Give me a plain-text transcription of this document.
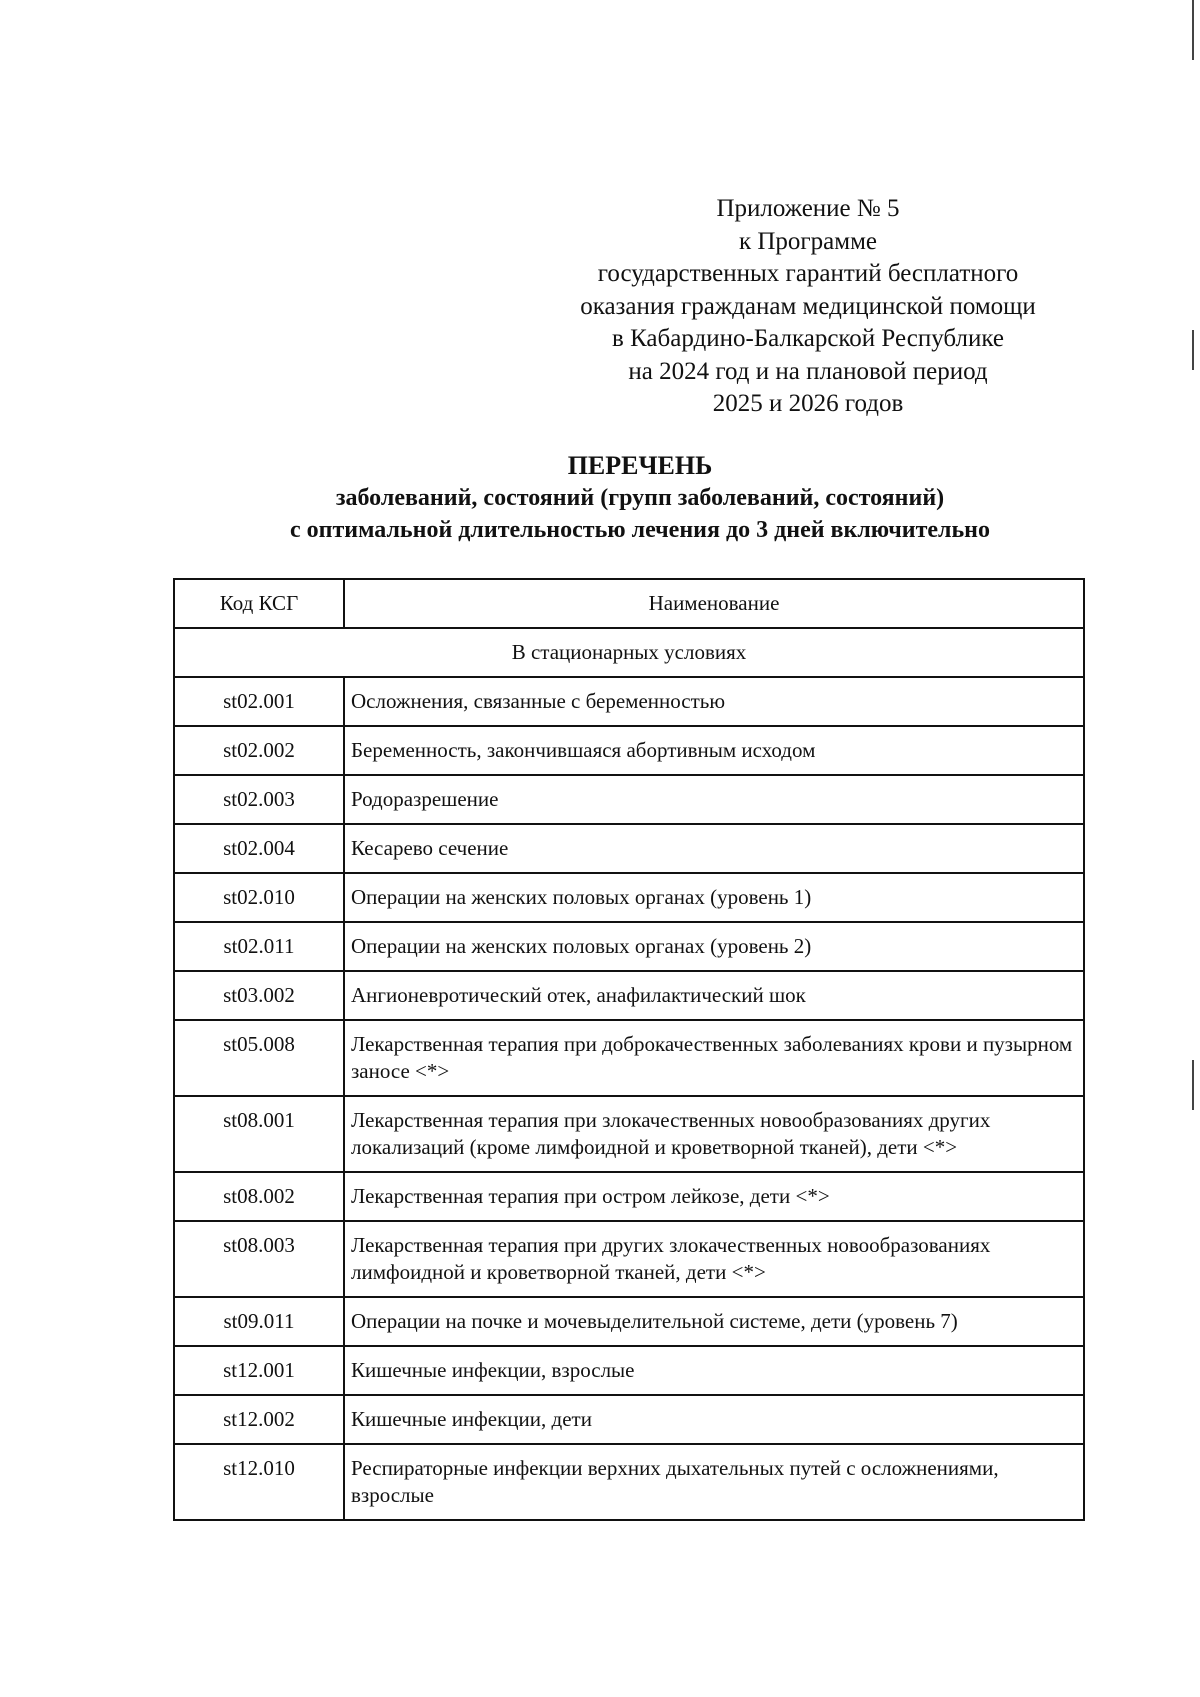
Приложение № 5
к Программе
государственных гарантий бесплатного
оказания гражданам медицинской помощи
в Кабардино-Балкарской Республике
на 2024 год и на плановой период
2025 и 2026 годов
ПЕРЕЧЕНЬ
заболеваний, состояний (групп заболеваний, состояний)
с оптимальной длительностью лечения до 3 дней включительно
Код КСГ	Наименование
В стационарных условиях	
st02.001	Осложнения, связанные с беременностью
st02.002	Беременность, закончившаяся абортивным исходом
st02.003	Родоразрешение
st02.004	Кесарево сечение
st02.010	Операции на женских половых органах (уровень 1)
st02.011	Операции на женских половых органах (уровень 2)
st03.002	Ангионевротический отек, анафилактический шок
st05.008	Лекарственная терапия при доброкачественных заболеваниях крови и пузырном заносе <*>
st08.001	Лекарственная терапия при злокачественных новообразованиях других локализаций (кроме лимфоидной и кроветворной тканей), дети <*>
st08.002	Лекарственная терапия при остром лейкозе, дети <*>
st08.003	Лекарственная терапия при других злокачественных новообразованиях лимфоидной и кроветворной тканей, дети <*>
st09.011	Операции на почке и мочевыделительной системе, дети (уровень 7)
st12.001	Кишечные инфекции, взрослые
st12.002	Кишечные инфекции, дети
st12.010	Респираторные инфекции верхних дыхательных путей с осложнениями, взрослые
